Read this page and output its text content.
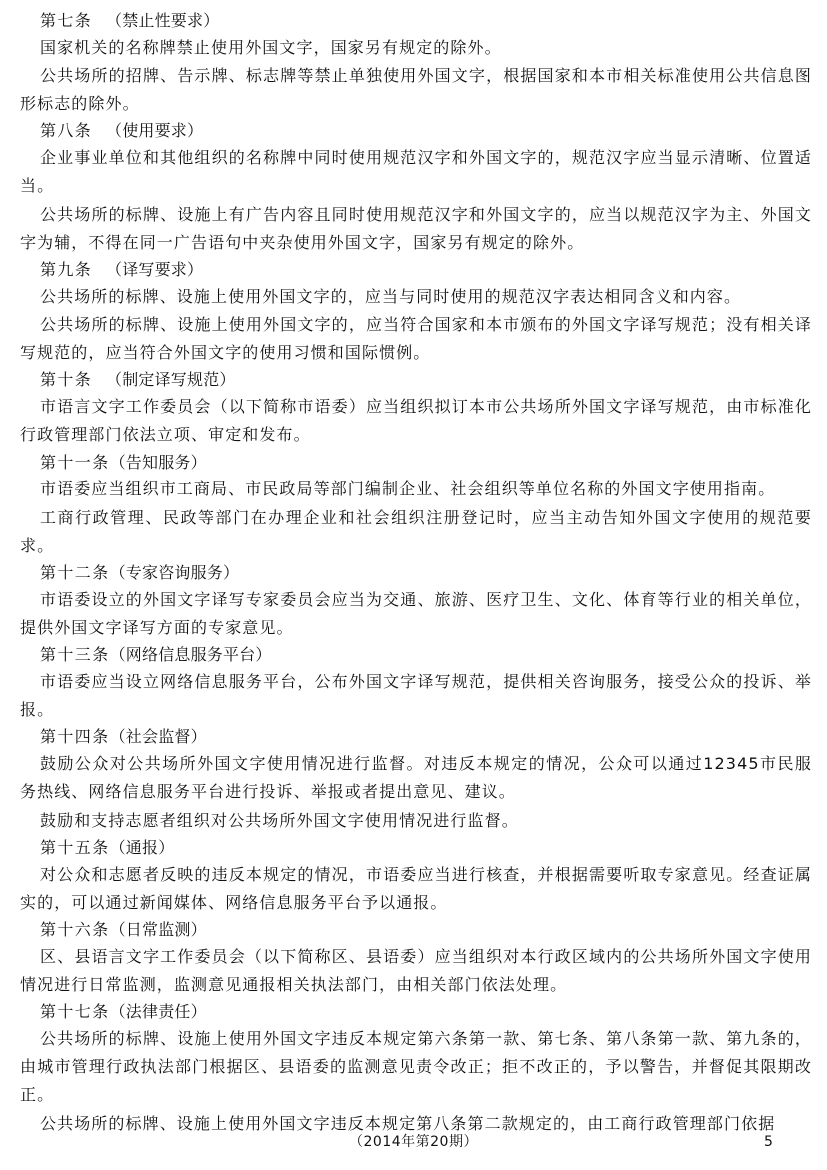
第七条 （禁止性要求）

国家机关的名称牌禁止使用外国文字，国家另有规定的除外。

公共场所的招牌、告示牌、标志牌等禁止单独使用外国文字，根据国家和本市相关标准使用公共信息图形标志的除外。

第八条 （使用要求）

企业事业单位和其他组织的名称牌中同时使用规范汉字和外国文字的，规范汉字应当显示清晰、位置适当。

公共场所的标牌、设施上有广告内容且同时使用规范汉字和外国文字的，应当以规范汉字为主、外国文字为辅，不得在同一广告语句中夹杂使用外国文字，国家另有规定的除外。

第九条 （译写要求）

公共场所的标牌、设施上使用外国文字的，应当与同时使用的规范汉字表达相同含义和内容。

公共场所的标牌、设施上使用外国文字的，应当符合国家和本市颁布的外国文字译写规范；没有相关译写规范的，应当符合外国文字的使用习惯和国际惯例。

第十条 （制定译写规范）

市语言文字工作委员会（以下简称市语委）应当组织拟订本市公共场所外国文字译写规范，由市标准化行政管理部门依法立项、审定和发布。

第十一条（告知服务）

市语委应当组织市工商局、市民政局等部门编制企业、社会组织等单位名称的外国文字使用指南。

工商行政管理、民政等部门在办理企业和社会组织注册登记时，应当主动告知外国文字使用的规范要求。

第十二条（专家咨询服务）

市语委设立的外国文字译写专家委员会应当为交通、旅游、医疗卫生、文化、体育等行业的相关单位，提供外国文字译写方面的专家意见。

第十三条（网络信息服务平台）

市语委应当设立网络信息服务平台，公布外国文字译写规范，提供相关咨询服务，接受公众的投诉、举报。

第十四条（社会监督）

鼓励公众对公共场所外国文字使用情况进行监督。对违反本规定的情况，公众可以通过12345市民服务热线、网络信息服务平台进行投诉、举报或者提出意见、建议。

鼓励和支持志愿者组织对公共场所外国文字使用情况进行监督。

第十五条（通报）

对公众和志愿者反映的违反本规定的情况，市语委应当进行核查，并根据需要听取专家意见。经查证属实的，可以通过新闻媒体、网络信息服务平台予以通报。

第十六条（日常监测）

区、县语言文字工作委员会（以下简称区、县语委）应当组织对本行政区域内的公共场所外国文字使用情况进行日常监测，监测意见通报相关执法部门，由相关部门依法处理。

第十七条（法律责任）

公共场所的标牌、设施上使用外国文字违反本规定第六条第一款、第七条、第八条第一款、第九条的，由城市管理行政执法部门根据区、县语委的监测意见责令改正；拒不改正的，予以警告，并督促其限期改正。

公共场所的标牌、设施上使用外国文字违反本规定第八条第二款规定的，由工商行政管理部门依据

（2014年第20期）	5
